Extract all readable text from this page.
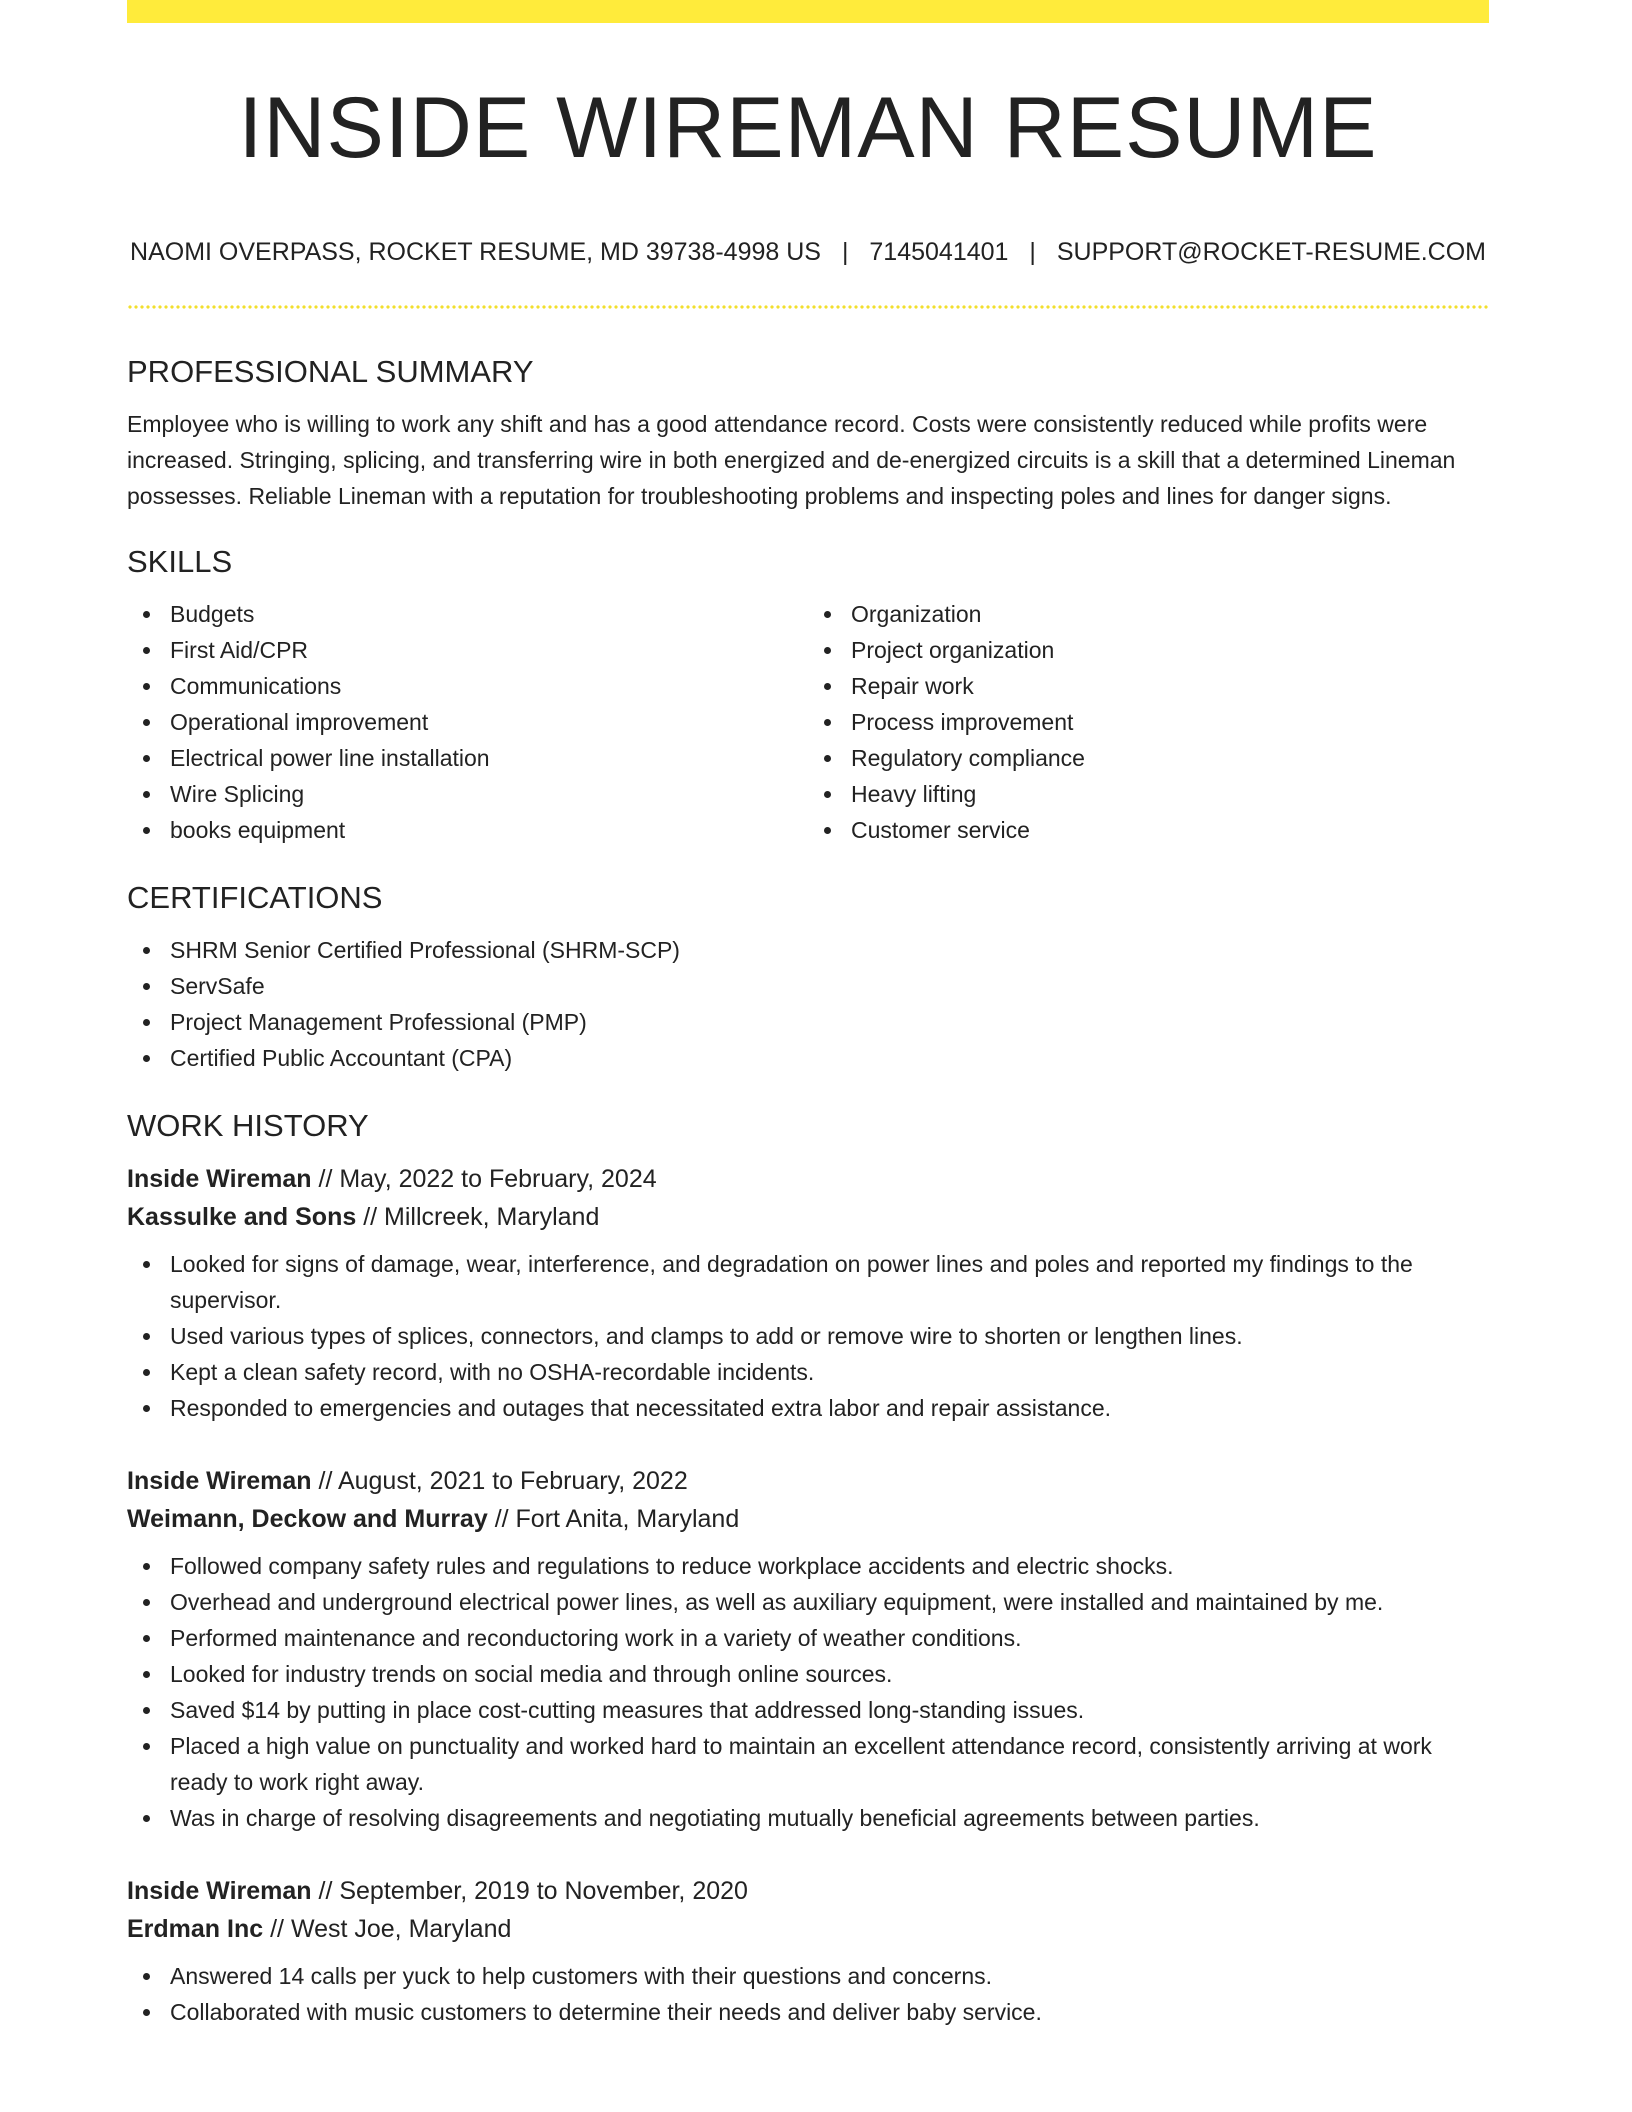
INSIDE WIREMAN RESUME
NAOMI OVERPASS, ROCKET RESUME, MD 39738-4998 US | 7145041401 | SUPPORT@ROCKET-RESUME.COM
PROFESSIONAL SUMMARY

Employee who is willing to work any shift and has a good attendance record. Costs were consistently reduced while profits were increased. Stringing, splicing, and transferring wire in both energized and de-energized circuits is a skill that a determined Lineman possesses. Reliable Lineman with a reputation for troubleshooting problems and inspecting poles and lines for danger signs.

SKILLS
Budgets
First Aid/CPR
Communications
Operational improvement
Electrical power line installation
Wire Splicing
books equipment
Organization
Project organization
Repair work
Process improvement
Regulatory compliance
Heavy lifting
Customer service
CERTIFICATIONS
SHRM Senior Certified Professional (SHRM-SCP)
ServSafe
Project Management Professional (PMP)
Certified Public Accountant (CPA)
WORK HISTORY
Inside Wireman // May, 2022 to February, 2024
Kassulke and Sons // Millcreek, Maryland
Looked for signs of damage, wear, interference, and degradation on power lines and poles and reported my findings to the supervisor.
Used various types of splices, connectors, and clamps to add or remove wire to shorten or lengthen lines.
Kept a clean safety record, with no OSHA-recordable incidents.
Responded to emergencies and outages that necessitated extra labor and repair assistance.
Inside Wireman // August, 2021 to February, 2022
Weimann, Deckow and Murray // Fort Anita, Maryland
Followed company safety rules and regulations to reduce workplace accidents and electric shocks.
Overhead and underground electrical power lines, as well as auxiliary equipment, were installed and maintained by me.
Performed maintenance and reconductoring work in a variety of weather conditions.
Looked for industry trends on social media and through online sources.
Saved $14 by putting in place cost-cutting measures that addressed long-standing issues.
Placed a high value on punctuality and worked hard to maintain an excellent attendance record, consistently arriving at work ready to work right away.
Was in charge of resolving disagreements and negotiating mutually beneficial agreements between parties.
Inside Wireman // September, 2019 to November, 2020
Erdman Inc // West Joe, Maryland
Answered 14 calls per yuck to help customers with their questions and concerns.
Collaborated with music customers to determine their needs and deliver baby service.
